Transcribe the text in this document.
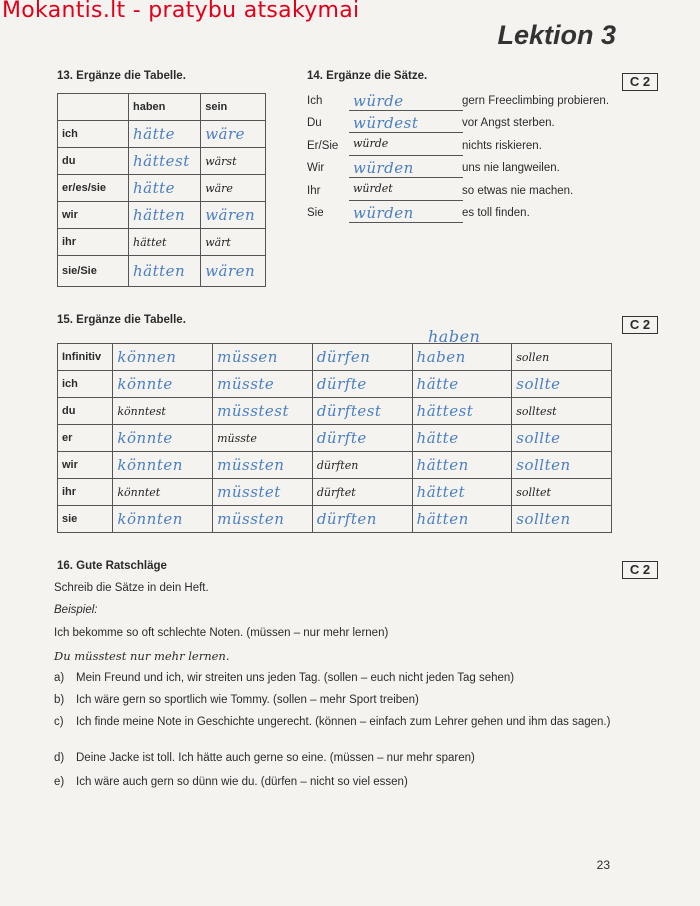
Mokantis.lt - pratybu atsakymai
Lektion 3
13. Ergänze die Tabelle.
	haben	sein
ich	hätte	wäre
du	hättest	wärst
er/es/sie	hätte	wäre
wir	hätten	wären
ihr	hättet	wärt
sie/Sie	hätten	wären
14. Ergänze die Sätze.	C 2
Ich	würde	gern Freeclimbing probieren.
Du	würdest	vor Angst sterben.
Er/Sie	würde	nichts riskieren.
Wir	würden	uns nie langweilen.
Ihr	würdet	so etwas nie machen.
Sie	würden	es toll finden.
15. Ergänze die Tabelle.	C 2
haben
Infinitiv	können	müssen	dürfen	haben	sollen
ich	könnte	müsste	dürfte	hätte	sollte
du	könntest	müsstest	dürftest	hättest	solltest
er	könnte	müsste	dürfte	hätte	sollte
wir	könnten	müssten	dürften	hätten	sollten
ihr	könntet	müsstet	dürftet	hättet	solltet
sie	könnten	müssten	dürften	hätten	sollten
16. Gute Ratschläge	C 2
Schreib die Sätze in dein Heft.
Beispiel:
Ich bekomme so oft schlechte Noten. (müssen – nur mehr lernen)
Du müsstest nur mehr lernen.
a) Mein Freund und ich, wir streiten uns jeden Tag. (sollen – euch nicht jeden Tag sehen)
b) Ich wäre gern so sportlich wie Tommy. (sollen – mehr Sport treiben)
c) Ich finde meine Note in Geschichte ungerecht. (können – einfach zum Lehrer gehen und ihm das sagen.)
d) Deine Jacke ist toll. Ich hätte auch gerne so eine. (müssen – nur mehr sparen)
e) Ich wäre auch gern so dünn wie du. (dürfen – nicht so viel essen)
23
